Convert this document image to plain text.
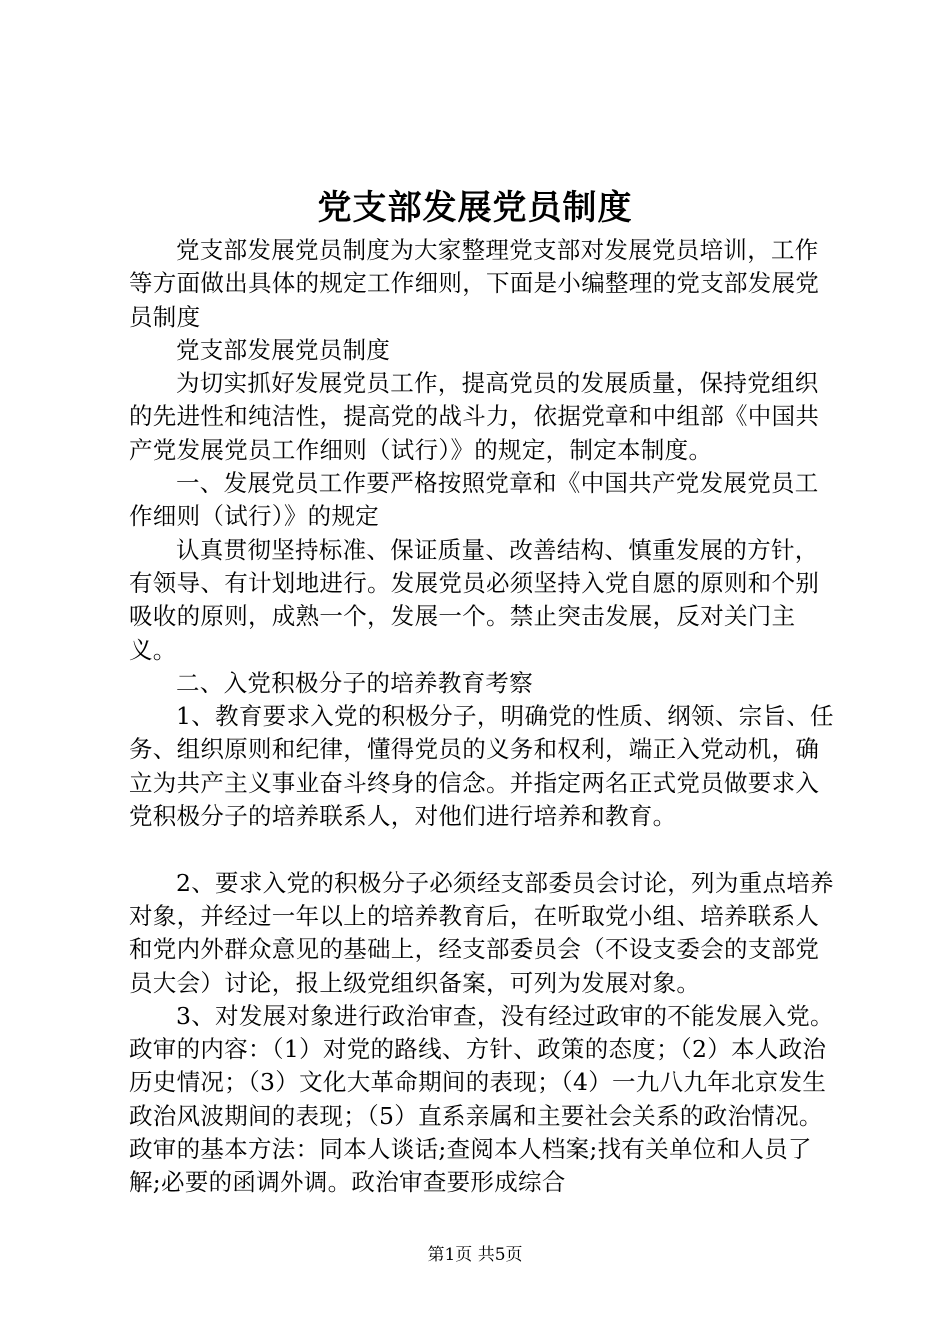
党支部发展党员制度

党支部发展党员制度为大家整理党支部对发展党员培训，工作等方面做出具体的规定工作细则，下面是小编整理的党支部发展党员制度

党支部发展党员制度

为切实抓好发展党员工作，提高党员的发展质量，保持党组织的先进性和纯洁性，提高党的战斗力，依据党章和中组部《中国共产党发展党员工作细则（试行）》的规定，制定本制度。

一、发展党员工作要严格按照党章和《中国共产党发展党员工作细则（试行）》的规定

认真贯彻坚持标准、保证质量、改善结构、慎重发展的方针，有领导、有计划地进行。发展党员必须坚持入党自愿的原则和个别吸收的原则，成熟一个，发展一个。禁止突击发展，反对关门主义。

二、入党积极分子的培养教育考察

1、教育要求入党的积极分子，明确党的性质、纲领、宗旨、任务、组织原则和纪律，懂得党员的义务和权利，端正入党动机，确立为共产主义事业奋斗终身的信念。并指定两名正式党员做要求入党积极分子的培养联系人，对他们进行培养和教育。

2、要求入党的积极分子必须经支部委员会讨论，列为重点培养对象，并经过一年以上的培养教育后，在听取党小组、培养联系人和党内外群众意见的基础上，经支部委员会（不设支委会的支部党员大会）讨论，报上级党组织备案，可列为发展对象。

3、对发展对象进行政治审查，没有经过政审的不能发展入党。政审的内容：（1）对党的路线、方针、政策的态度；（2）本人政治历史情况；（3）文化大革命期间的表现；（4）一九八九年北京发生政治风波期间的表现；（5）直系亲属和主要社会关系的政治情况。政审的基本方法：同本人谈话;查阅本人档案;找有关单位和人员了解;必要的函调外调。政治审查要形成综合

第1页 共5页
